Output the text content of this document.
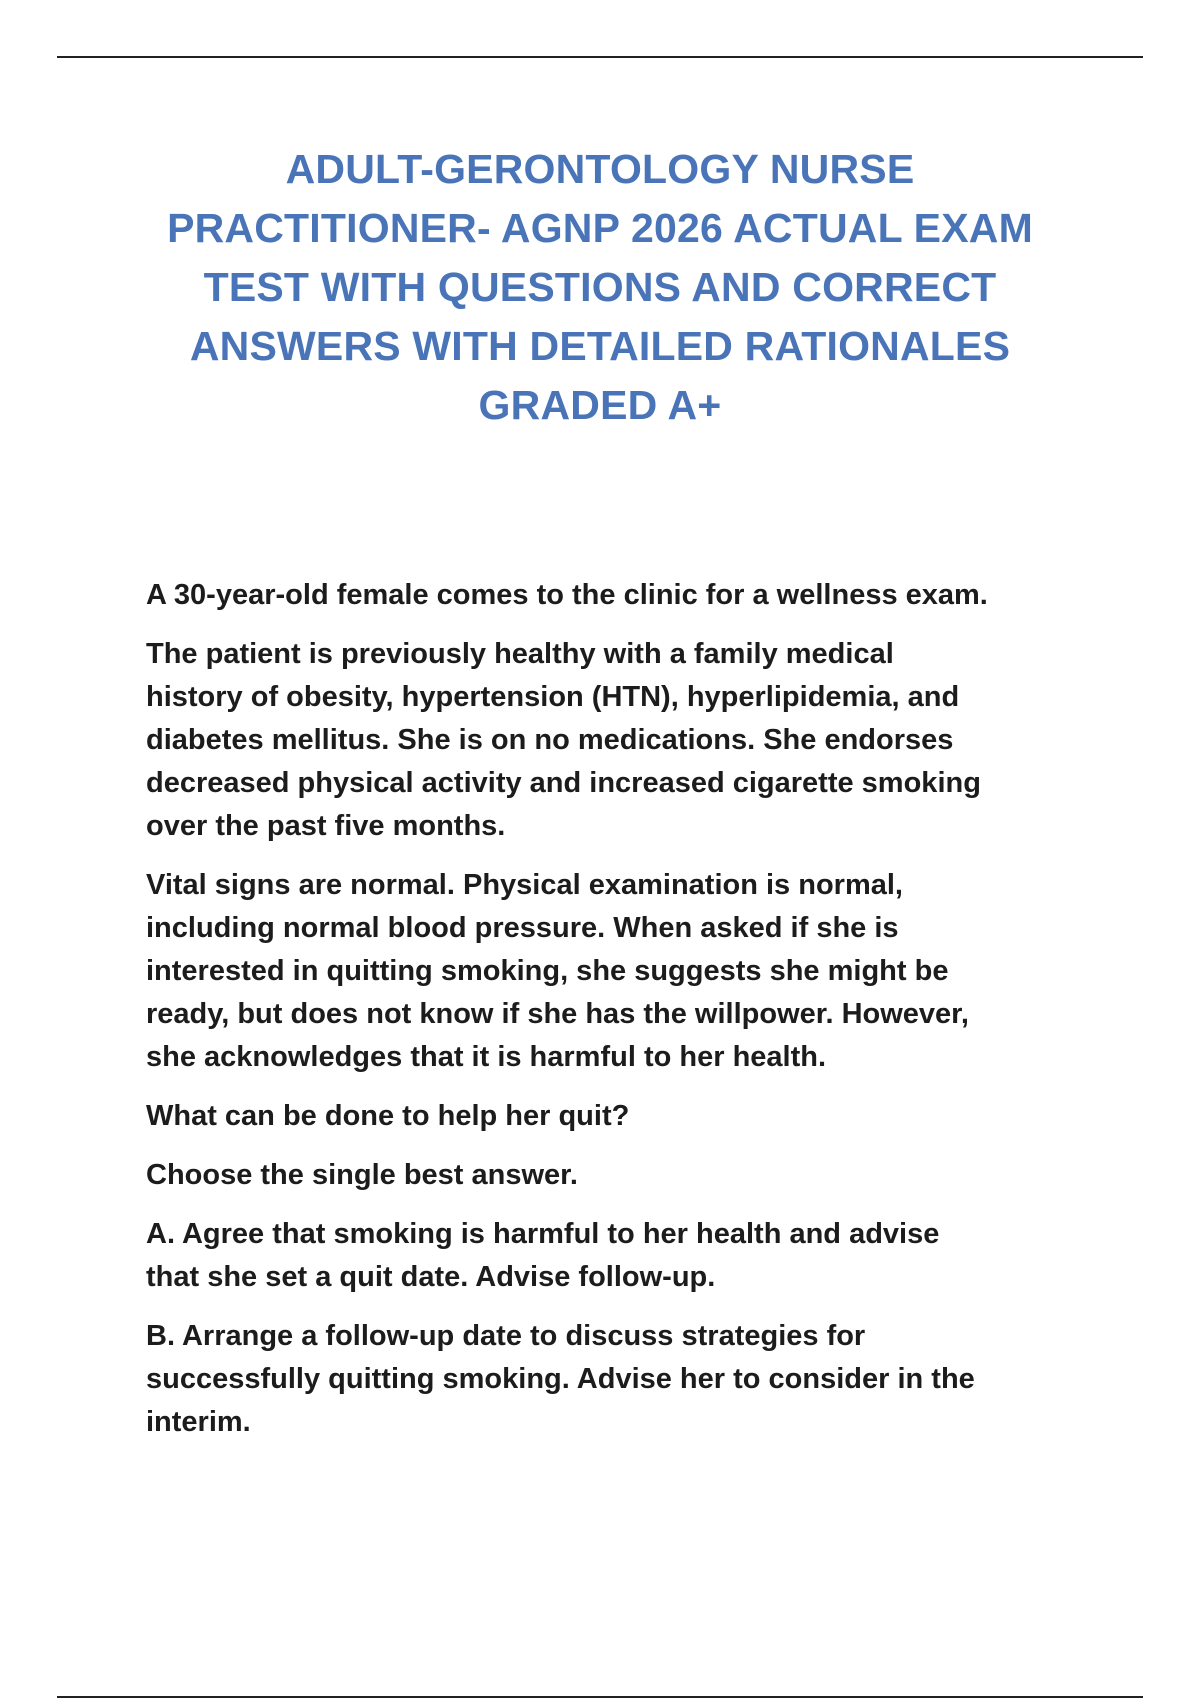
ADULT-GERONTOLOGY NURSE
PRACTITIONER- AGNP 2026 ACTUAL EXAM
TEST WITH QUESTIONS AND CORRECT
ANSWERS WITH DETAILED RATIONALES
GRADED A+

A 30-year-old female comes to the clinic for a wellness exam.

The patient is previously healthy with a family medical
history of obesity, hypertension (HTN), hyperlipidemia, and
diabetes mellitus. She is on no medications. She endorses
decreased physical activity and increased cigarette smoking
over the past five months.

Vital signs are normal. Physical examination is normal,
including normal blood pressure. When asked if she is
interested in quitting smoking, she suggests she might be
ready, but does not know if she has the willpower. However,
she acknowledges that it is harmful to her health.

What can be done to help her quit?

Choose the single best answer.

A. Agree that smoking is harmful to her health and advise
that she set a quit date. Advise follow-up.

B. Arrange a follow-up date to discuss strategies for
successfully quitting smoking. Advise her to consider in the
interim.
